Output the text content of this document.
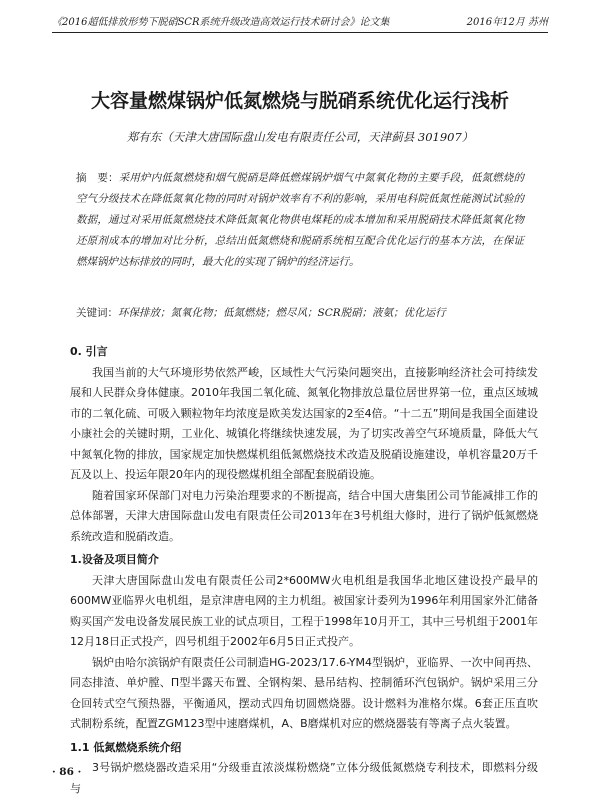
《2016超低排放形势下脱硝SCR系统升级改造高效运行技术研讨会》论文集	2016年12月 苏州
大容量燃煤锅炉低氮燃烧与脱硝系统优化运行浅析
郑有东（天津大唐国际盘山发电有限责任公司，天津蓟县 301907）
摘　要：采用炉内低氮燃烧和烟气脱硝是降低燃煤锅炉烟气中氮氧化物的主要手段，低氮燃烧的空气分级技术在降低氮氧化物的同时对锅炉效率有不利的影响，采用电科院低氮性能测试试验的数据，通过对采用低氮燃烧技术降低氮氧化物供电煤耗的成本增加和采用脱硝技术降低氮氧化物还原剂成本的增加对比分析，总结出低氮燃烧和脱硝系统相互配合优化运行的基本方法，在保证燃煤锅炉达标排放的同时，最大化的实现了锅炉的经济运行。
关键词：环保排放；氮氧化物；低氮燃烧；燃尽风；SCR脱硝；液氨；优化运行
0. 引言

我国当前的大气环境形势依然严峻，区域性大气污染问题突出，直接影响经济社会可持续发展和人民群众身体健康。2010年我国二氧化硫、氮氧化物排放总量位居世界第一位，重点区域城市的二氧化硫、可吸入颗粒物年均浓度是欧美发达国家的2至4倍。“十二五”期间是我国全面建设小康社会的关键时期，工业化、城镇化将继续快速发展，为了切实改善空气环境质量，降低大气中氮氧化物的排放，国家规定加快燃煤机组低氮燃烧技术改造及脱硝设施建设，单机容量20万千瓦及以上、投运年限20年内的现役燃煤机组全部配套脱硝设施。

随着国家环保部门对电力污染治理要求的不断提高，结合中国大唐集团公司节能减排工作的总体部署，天津大唐国际盘山发电有限责任公司2013年在3号机组大修时，进行了锅炉低氮燃烧系统改造和脱硝改造。

1.设备及项目简介

天津大唐国际盘山发电有限责任公司2*600MW火电机组是我国华北地区建设投产最早的600MW亚临界火电机组，是京津唐电网的主力机组。被国家计委列为1996年利用国家外汇储备购买国产发电设备发展民族工业的试点项目，工程于1998年10月开工，其中三号机组于2001年12月18日正式投产，四号机组于2002年6月5日正式投产。

锅炉由哈尔滨锅炉有限责任公司制造HG-2023/17.6-YM4型锅炉，亚临界、一次中间再热、同态排渣、单炉膛、Π型半露天布置、全钢构架、悬吊结构、控制循环汽包锅炉。锅炉采用三分仓回转式空气预热器，平衡通风，摆动式四角切圆燃烧器。设计燃料为准格尔煤。6套正压直吹式制粉系统，配置ZGM123型中速磨煤机，A、B磨煤机对应的燃烧器装有等离子点火装置。

1.1 低氮燃烧系统介绍

3号锅炉燃烧器改造采用“分级垂直浓淡煤粉燃烧”立体分级低氮燃烧专利技术，即燃料分级与

· 86 ·
